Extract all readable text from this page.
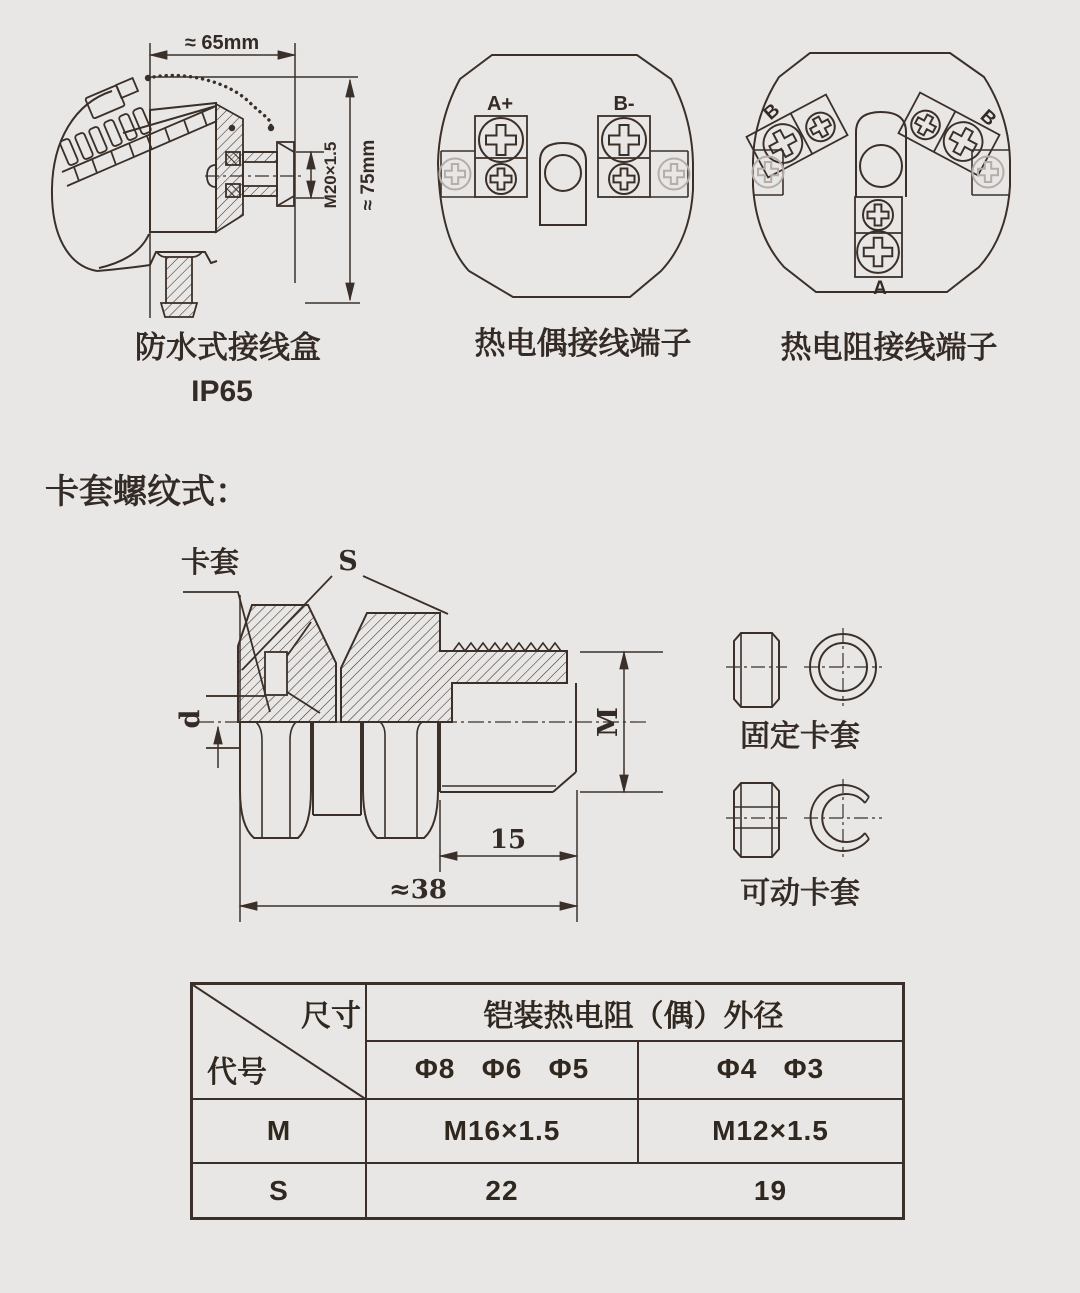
≈ 65mm
≈ 75mm
M20×1.5
防水式接线盒
IP65
A+	B-
热电偶接线端子
B	B
A
热电阻接线端子
卡套螺纹式：
S
卡套
d	M
15
≈38
固定卡套
可动卡套
尺寸
代号
铠装热电阻（偶）外径
Φ8   Φ6   Φ5	Φ4   Φ3
M	M16×1.5	M12×1.5
S	22	19
